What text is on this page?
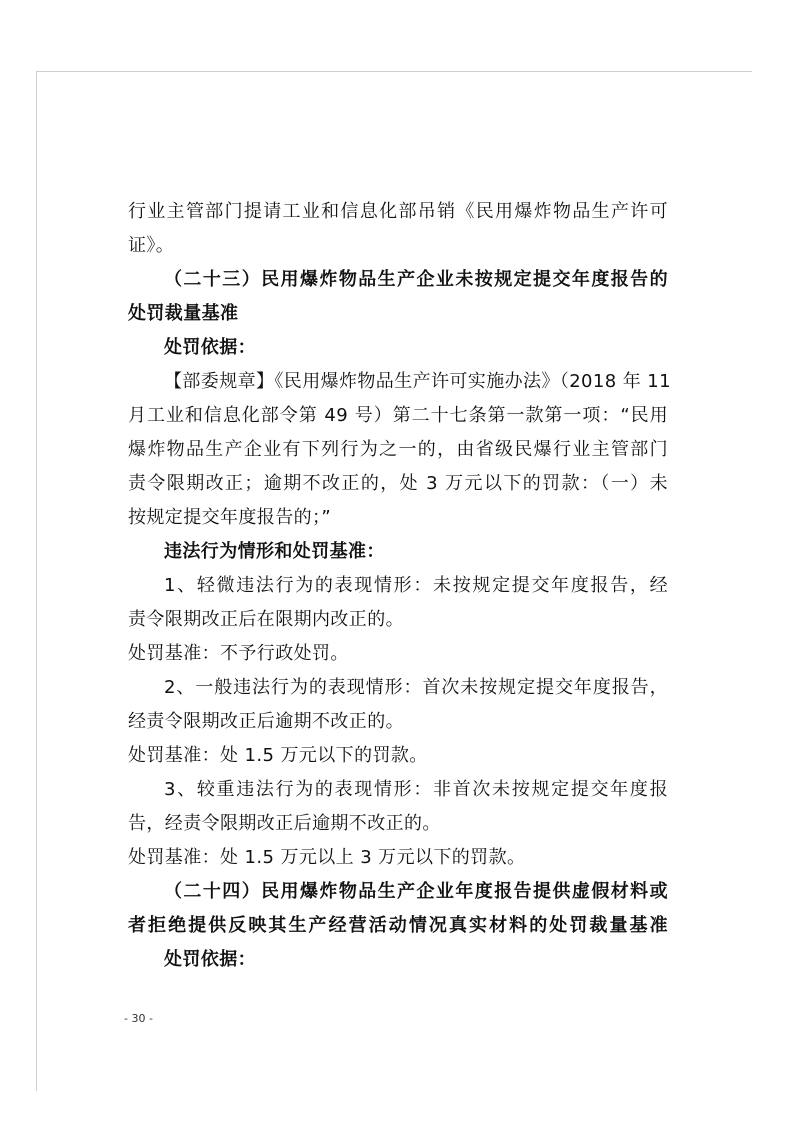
行业主管部门提请工业和信息化部吊销《民用爆炸物品生产许可
证》。
（二十三）民用爆炸物品生产企业未按规定提交年度报告的
处罚裁量基准
处罚依据：
【部委规章】《民用爆炸物品生产许可实施办法》（2018 年 11
月工业和信息化部令第 49 号）第二十七条第一款第一项：“民用
爆炸物品生产企业有下列行为之一的，由省级民爆行业主管部门
责令限期改正；逾期不改正的，处 3 万元以下的罚款：（一）未
按规定提交年度报告的；”
违法行为情形和处罚基准：
1、轻微违法行为的表现情形：未按规定提交年度报告，经
责令限期改正后在限期内改正的。
处罚基准：不予行政处罚。
2、一般违法行为的表现情形：首次未按规定提交年度报告，
经责令限期改正后逾期不改正的。
处罚基准：处 1.5 万元以下的罚款。
3、较重违法行为的表现情形：非首次未按规定提交年度报
告，经责令限期改正后逾期不改正的。
处罚基准：处 1.5 万元以上 3 万元以下的罚款。
（二十四）民用爆炸物品生产企业年度报告提供虚假材料或
者拒绝提供反映其生产经营活动情况真实材料的处罚裁量基准
处罚依据：
- 30 -
